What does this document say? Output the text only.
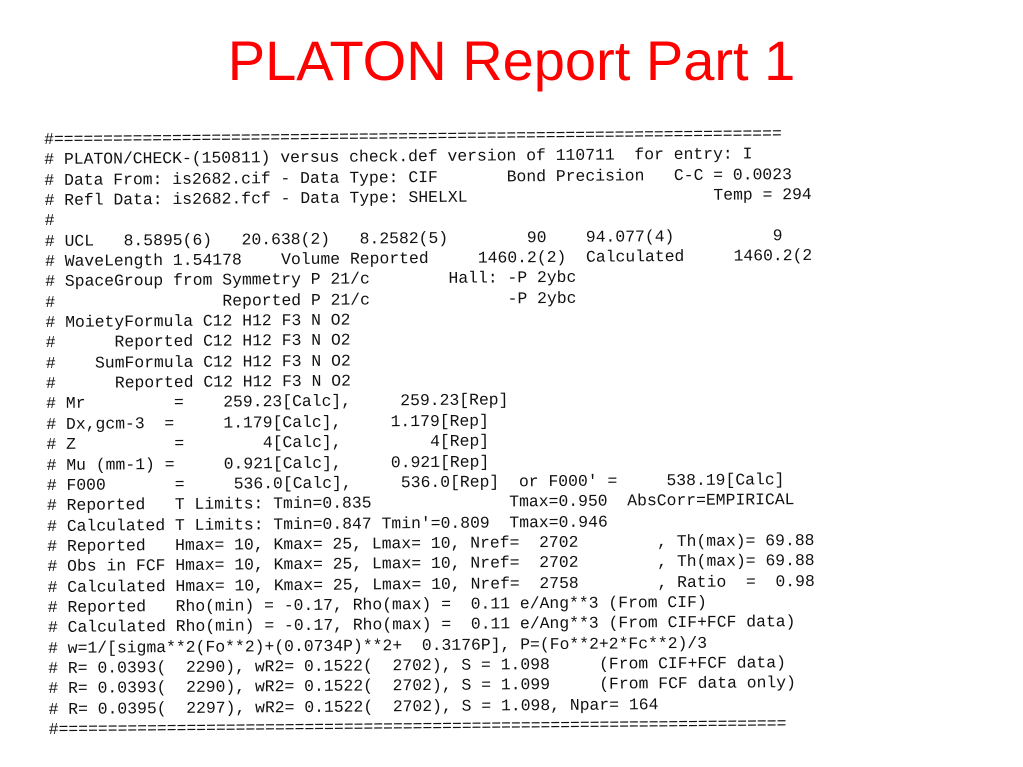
PLATON Report Part 1
#==========================================================================
# PLATON/CHECK-(150811) versus check.def version of 110711  for entry: I
# Data From: is2682.cif - Data Type: CIF       Bond Precision   C-C = 0.0023
# Refl Data: is2682.fcf - Data Type: SHELXL                         Temp = 294
#
# UCL   8.5895(6)   20.638(2)   8.2582(5)        90    94.077(4)          9
# WaveLength 1.54178    Volume Reported     1460.2(2)  Calculated     1460.2(2
# SpaceGroup from Symmetry P 21/c        Hall: -P 2ybc
#                 Reported P 21/c              -P 2ybc
# MoietyFormula C12 H12 F3 N O2
#      Reported C12 H12 F3 N O2
#    SumFormula C12 H12 F3 N O2
#      Reported C12 H12 F3 N O2
# Mr         =    259.23[Calc],     259.23[Rep]
# Dx,gcm-3  =     1.179[Calc],     1.179[Rep]
# Z          =        4[Calc],         4[Rep]
# Mu (mm-1) =     0.921[Calc],     0.921[Rep]
# F000       =     536.0[Calc],     536.0[Rep]  or F000' =     538.19[Calc]
# Reported   T Limits: Tmin=0.835              Tmax=0.950  AbsCorr=EMPIRICAL
# Calculated T Limits: Tmin=0.847 Tmin'=0.809  Tmax=0.946
# Reported   Hmax= 10, Kmax= 25, Lmax= 10, Nref=  2702        , Th(max)= 69.88
# Obs in FCF Hmax= 10, Kmax= 25, Lmax= 10, Nref=  2702        , Th(max)= 69.88
# Calculated Hmax= 10, Kmax= 25, Lmax= 10, Nref=  2758        , Ratio  =  0.98
# Reported   Rho(min) = -0.17, Rho(max) =  0.11 e/Ang**3 (From CIF)
# Calculated Rho(min) = -0.17, Rho(max) =  0.11 e/Ang**3 (From CIF+FCF data)
# w=1/[sigma**2(Fo**2)+(0.0734P)**2+  0.3176P], P=(Fo**2+2*Fc**2)/3
# R= 0.0393(  2290), wR2= 0.1522(  2702), S = 1.098     (From CIF+FCF data)
# R= 0.0393(  2290), wR2= 0.1522(  2702), S = 1.099     (From FCF data only)
# R= 0.0395(  2297), wR2= 0.1522(  2702), S = 1.098, Npar= 164
#==========================================================================
